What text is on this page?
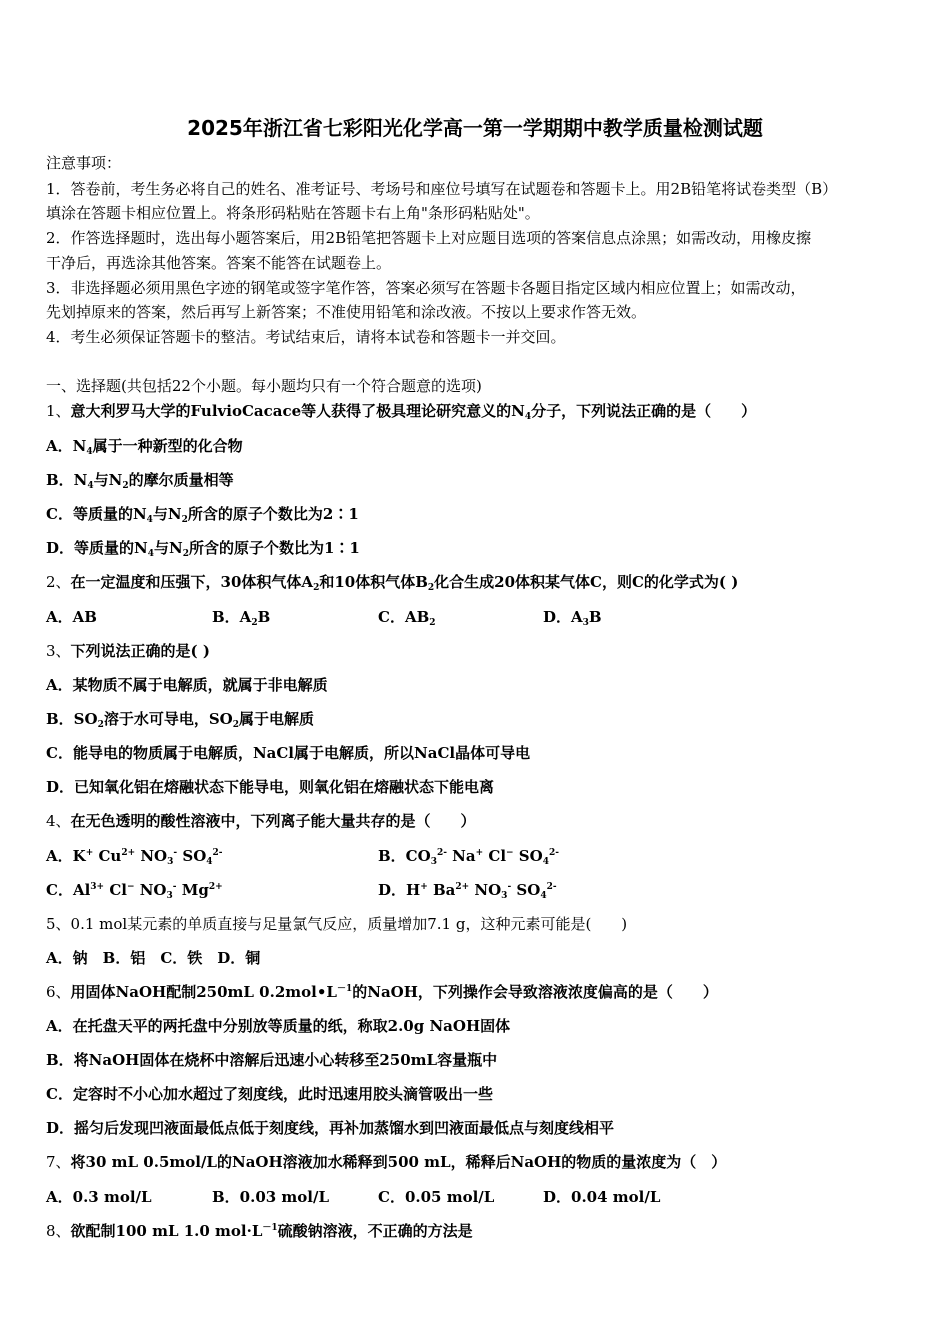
2025年浙江省七彩阳光化学高一第一学期期中教学质量检测试题
注意事项：
1．答卷前，考生务必将自己的姓名、准考证号、考场号和座位号填写在试题卷和答题卡上。用2B铅笔将试卷类型（B）
填涂在答题卡相应位置上。将条形码粘贴在答题卡右上角"条形码粘贴处"。
2．作答选择题时，选出每小题答案后，用2B铅笔把答题卡上对应题目选项的答案信息点涂黑；如需改动，用橡皮擦
干净后，再选涂其他答案。答案不能答在试题卷上。
3．非选择题必须用黑色字迹的钢笔或签字笔作答，答案必须写在答题卡各题目指定区域内相应位置上；如需改动，
先划掉原来的答案，然后再写上新答案；不准使用铅笔和涂改液。不按以上要求作答无效。
4．考生必须保证答题卡的整洁。考试结束后，请将本试卷和答题卡一并交回。
一、选择题(共包括22个小题。每小题均只有一个符合题意的选项)
1、意大利罗马大学的FulvioCacace等人获得了极具理论研究意义的$N_4$分子，下列说法正确的是（　　）
A．$N_4$属于一种新型的化合物
B．$N_4$与$N_2$的摩尔质量相等
C．等质量的$N_4$与$N_2$所含的原子个数比为2∶1
D．等质量的$N_4$与$N_2$所含的原子个数比为1∶1
2、在一定温度和压强下，30体积气体$A_2$和10体积气体$B_2$化合生成20体积某气体C，则C的化学式为( )
A．AB	B．$A_2B$	C．$AB_2$	D．$A_3B$
3、下列说法正确的是( )
A．某物质不属于电解质，就属于非电解质
B．$SO_2$溶于水可导电，$SO_2$属于电解质
C．能导电的物质属于电解质，NaCl属于电解质，所以NaCl晶体可导电
D．已知氧化铝在熔融状态下能导电，则氧化铝在熔融状态下能电离
4、在无色透明的酸性溶液中，下列离子能大量共存的是（　　）
A．K+ $Cu^{2+}$ $NO_3^-$ $SO_4^{2-}$	B．$CO_3^{2-}$ Na+ Cl− $SO_4^{2-}$
C．$Al^{3+}$ Cl− $NO_3^-$ $Mg^{2+}$	D．H+ $Ba^{2+}$ $NO_3^-$ $SO_4^{2-}$
5、0.1 mol某元素的单质直接与足量氯气反应，质量增加7.1 g，这种元素可能是(　　)
A．钠　B．铝　C．铁　D．铜
6、用固体NaOH配制250mL $0.2mol•L^{-1}$的NaOH，下列操作会导致溶液浓度偏高的是（　　）
A．在托盘天平的两托盘中分别放等质量的纸，称取2.0g NaOH固体
B．将NaOH固体在烧杯中溶解后迅速小心转移至250mL容量瓶中
C．定容时不小心加水超过了刻度线，此时迅速用胶头滴管吸出一些
D．摇匀后发现凹液面最低点低于刻度线，再补加蒸馏水到凹液面最低点与刻度线相平
7、将30 mL 0.5mol/L的NaOH溶液加水稀释到500 mL，稀释后NaOH的物质的量浓度为（　）
A．0.3 mol/L	B．0.03 mol/L	C．0.05 mol/L	D．0.04 mol/L
8、欲配制100 mL 1.0 $mol\cdot L^{-1}$硫酸钠溶液，不正确的方法是
